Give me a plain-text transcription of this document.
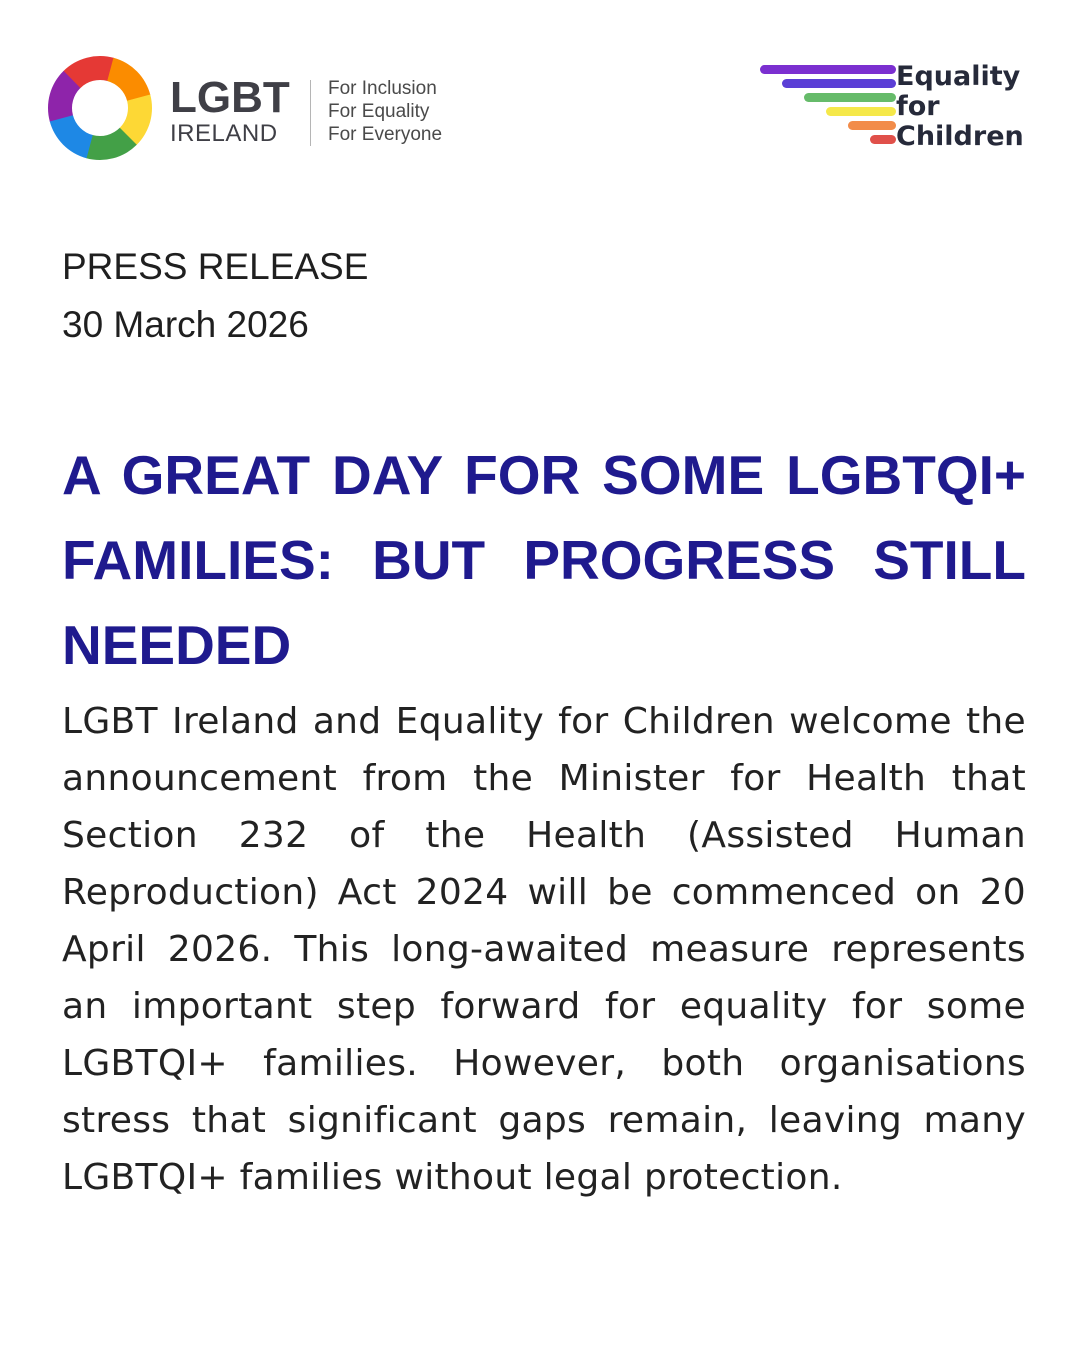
LGBT
IRELAND
For Inclusion
For Equality
For Everyone
Equality
for
Children
PRESS RELEASE
30 March 2026
A GREAT DAY FOR SOME LGBTQI+ FAMILIES: BUT PROGRESS STILL NEEDED

LGBT Ireland and Equality for Children welcome the announcement from the Minister for Health that Section 232 of the Health (Assisted Human Reproduction) Act 2024 will be commenced on 20 April 2026. This long-awaited measure represents an important step forward for equality for some LGBTQI+ families. However, both organisations stress that significant gaps remain, leaving many LGBTQI+ families without legal protection.
